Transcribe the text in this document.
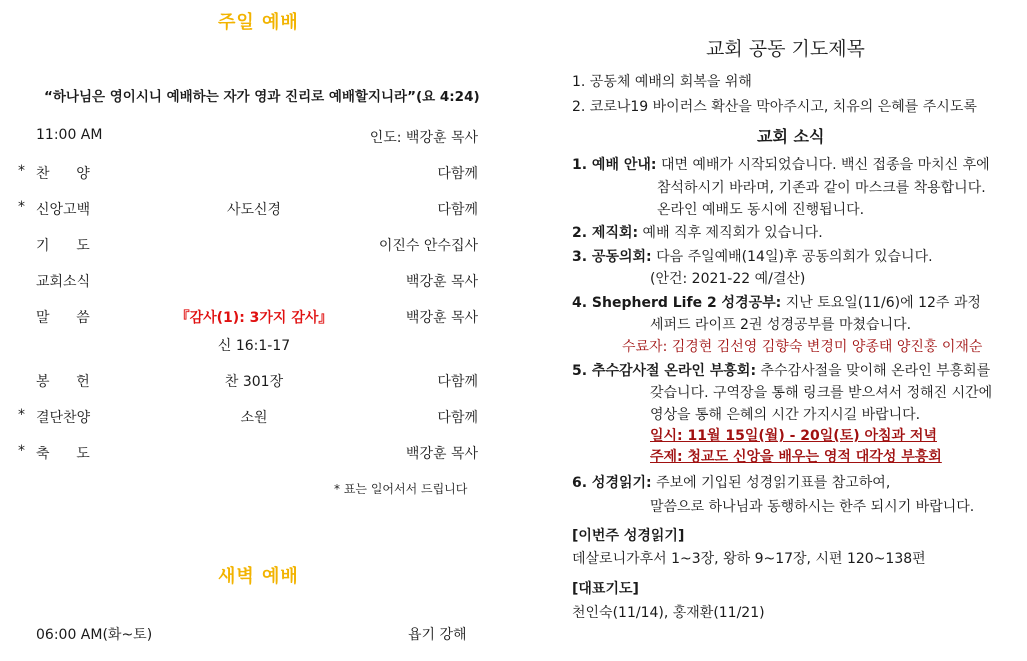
주일 예배
“하나님은 영이시니 예배하는 자가 영과 진리로 예배할지니라”(요 4:24)
11:00 AM	인도: 백강훈 목사
* 찬      양	다함께
* 신앙고백	사도신경	다함께
기      도	이진수 안수집사
교회소식	백강훈 목사
말      씀	『감사(1): 3가지 감사』	백강훈 목사
신 16:1-17
봉      헌	찬 301장	다함께
* 결단찬양	소원	다함께
* 축      도	백강훈 목사
* 표는 일어서서 드립니다
새벽 예배
06:00 AM(화~토)	욥기 강해
교회 공동 기도제목
1. 공동체 예배의 회복을 위해
2. 코로나19 바이러스 확산을 막아주시고, 치유의 은혜를 주시도록
교회 소식
1. 예배 안내: 대면 예배가 시작되었습니다. 백신 접종을 마치신 후에
참석하시기 바라며, 기존과 같이 마스크를 착용합니다.
온라인 예배도 동시에 진행됩니다.
2. 제직회: 예배 직후 제직회가 있습니다.
3. 공동의회: 다음 주일예배(14일)후 공동의회가 있습니다.
(안건: 2021-22 예/결산)
4. Shepherd Life 2 성경공부: 지난 토요일(11/6)에 12주 과정
세퍼드 라이프 2권 성경공부를 마쳤습니다.
수료자: 김경현 김선영 김향숙 변경미 양종태 양진홍 이재순
5. 추수감사절 온라인 부흥회: 추수감사절을 맞이해 온라인 부흥회를
갖습니다. 구역장을 통해 링크를 받으셔서 정해진 시간에
영상을 통해 은혜의 시간 가지시길 바랍니다.
일시: 11월 15일(월) - 20일(토) 아침과 저녁
주제: 청교도 신앙을 배우는 영적 대각성 부흥회
6. 성경읽기: 주보에 기입된 성경읽기표를 참고하여,
말씀으로 하나님과 동행하시는 한주 되시기 바랍니다.
[이번주 성경읽기]
데살로니가후서 1~3장, 왕하 9~17장, 시편 120~138편
[대표기도]
천인숙(11/14), 홍재환(11/21)
